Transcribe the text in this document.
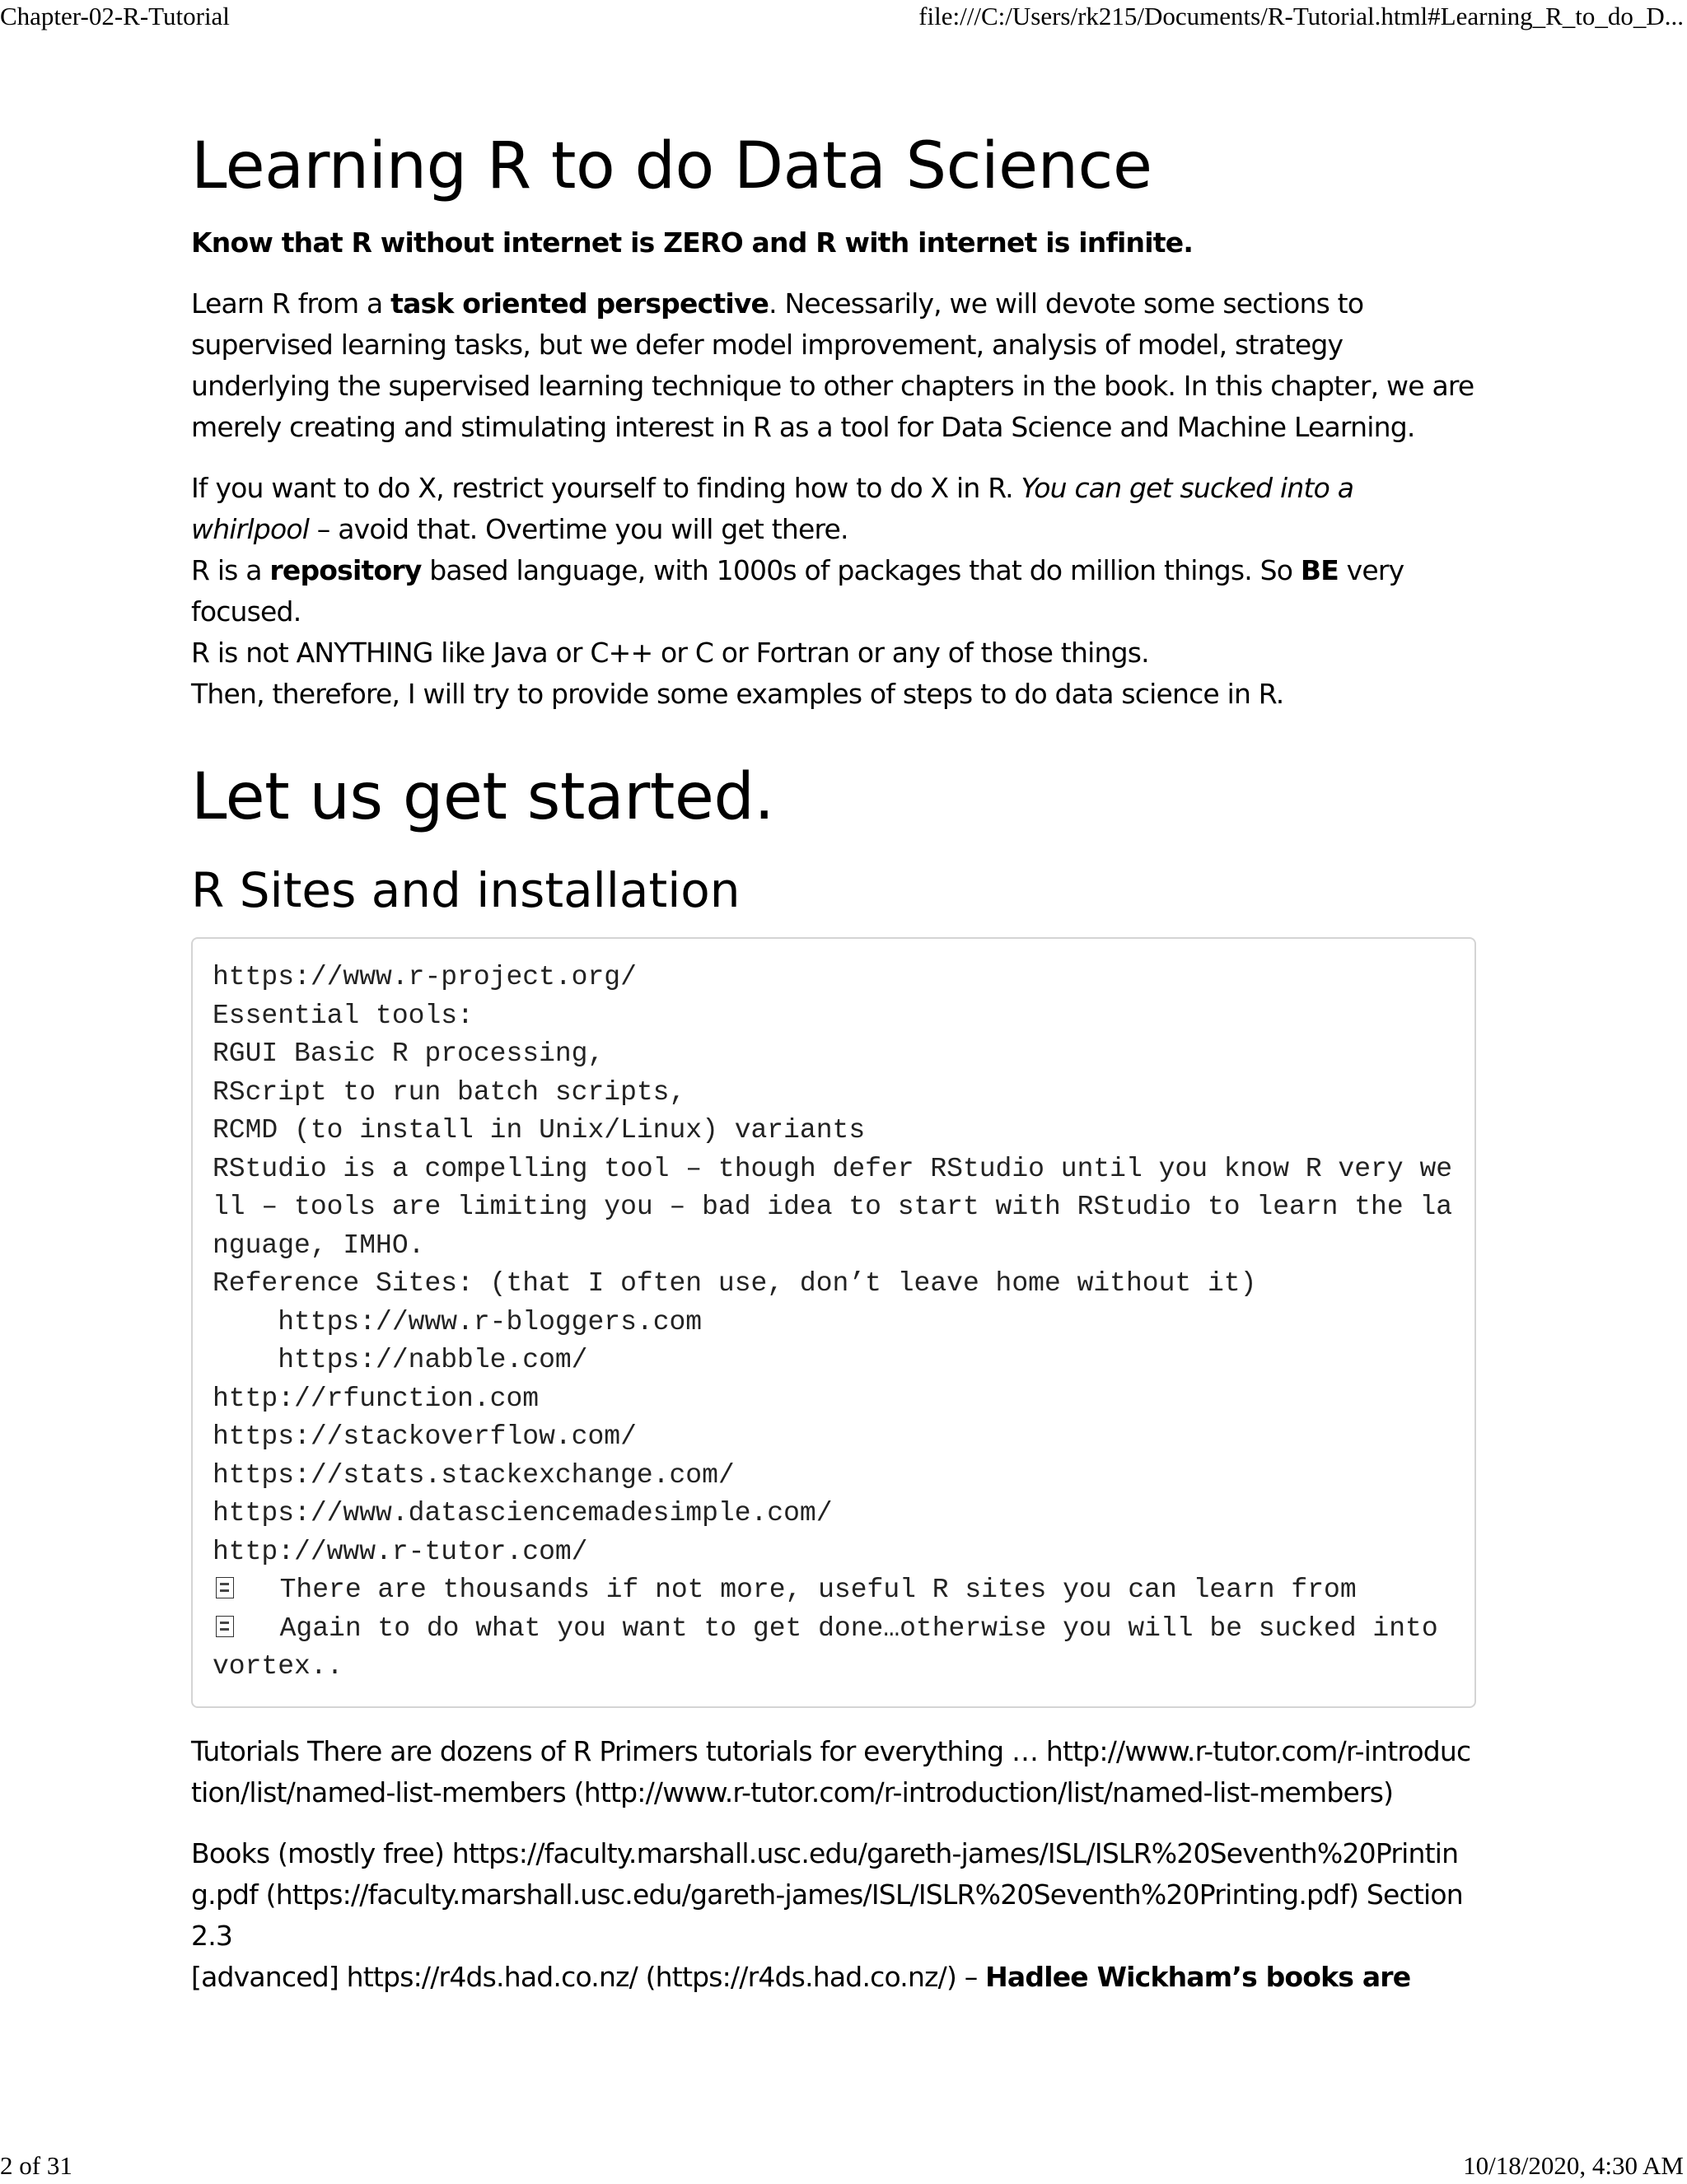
Chapter-02-R-Tutorial	file:///C:/Users/rk215/Documents/R-Tutorial.html#Learning_R_to_do_D...
Learning R to do Data Science

Know that R without internet is ZERO and R with internet is infinite.

Learn R from a task oriented perspective. Necessarily, we will devote some sections to supervised learning tasks, but we defer model improvement, analysis of model, strategy underlying the supervised learning technique to other chapters in the book. In this chapter, we are merely creating and stimulating interest in R as a tool for Data Science and Machine Learning.

If you want to do X, restrict yourself to finding how to do X in R. You can get sucked into a whirlpool – avoid that. Overtime you will get there.
R is a repository based language, with 1000s of packages that do million things. So BE very focused.
R is not ANYTHING like Java or C++ or C or Fortran or any of those things.
Then, therefore, I will try to provide some examples of steps to do data science in R.

Let us get started.
R Sites and installation
https://www.r-project.org/
Essential tools:
RGUI Basic R processing,
RScript to run batch scripts,
RCMD (to install in Unix/Linux) variants
RStudio is a compelling tool – though defer RStudio until you know R very well – tools are limiting you – bad idea to start with RStudio to learn the language, IMHO.
Reference Sites: (that I often use, don’t leave home without it)
https://www.r-bloggers.com
https://nabble.com/
http://rfunction.com
https://stackoverflow.com/
https://stats.stackexchange.com/
https://www.datasciencemadesimple.com/
http://www.r-tutor.com/
There are thousands if not more, useful R sites you can learn from
Again to do what you want to get done…otherwise you will be sucked into vortex..

Tutorials There are dozens of R Primers tutorials for everything … http://www.r-tutor.com/r-introduction/list/named-list-members (http://www.r-tutor.com/r-introduction/list/named-list-members)

Books (mostly free) https://faculty.marshall.usc.edu/gareth-james/ISL/ISLR%20Seventh%20Printing.pdf (https://faculty.marshall.usc.edu/gareth-james/ISL/ISLR%20Seventh%20Printing.pdf) Section 2.3
[advanced] https://r4ds.had.co.nz/ (https://r4ds.had.co.nz/) – Hadlee Wickham’s books are

2 of 31	10/18/2020, 4:30 AM
